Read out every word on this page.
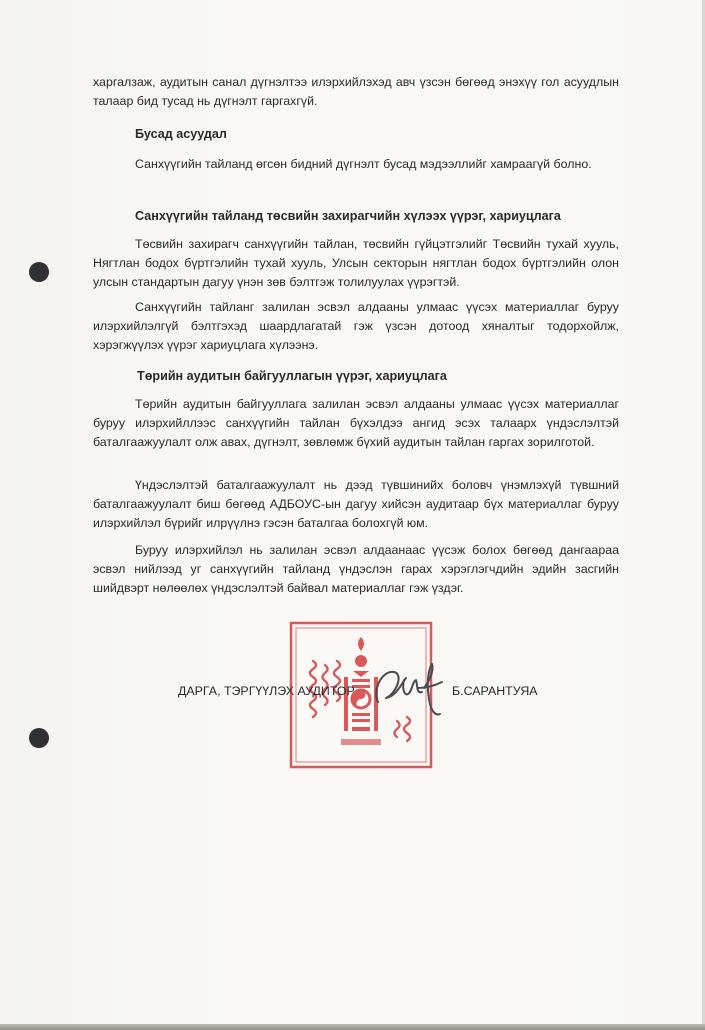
харгалзаж, аудитын санал дүгнэлтээ илэрхийлэхэд авч үзсэн бөгөөд энэхүү гол асуудлын талаар бид тусад нь дүгнэлт гаргахгүй.
Бусад асуудал
Санхүүгийн тайланд өгсөн бидний дүгнэлт бусад мэдээллийг хамраагүй болно.
Санхүүгийн тайланд төсвийн захирагчийн хүлээх үүрэг, хариуцлага
Төсвийн захирагч санхүүгийн тайлан, төсвийн гүйцэтгэлийг Төсвийн тухай хууль, Нягтлан бодох бүртгэлийн тухай хууль, Улсын секторын нягтлан бодох бүртгэлийн олон улсын стандартын дагуу үнэн зөв бэлтгэж толилуулах үүрэгтэй.
Санхүүгийн тайланг залилан эсвэл алдааны улмаас үүсэх материаллаг буруу илэрхийлэлгүй бэлтгэхэд шаардлагатай гэж үзсэн дотоод хяналтыг тодорхойлж, хэрэгжүүлэх үүрэг хариуцлага хүлээнэ.
Төрийн аудитын байгууллагын үүрэг, хариуцлага
Төрийн аудитын байгууллага залилан эсвэл алдааны улмаас үүсэх материаллаг буруу илэрхийллээс санхүүгийн тайлан бүхэлдээ ангид эсэх талаарх үндэслэлтэй баталгаажуулалт олж авах, дүгнэлт, зөвлөмж бүхий аудитын тайлан гаргах зорилготой.
Үндэслэлтэй баталгаажуулалт нь дээд түвшинийх боловч үнэмлэхүй түвшний баталгаажуулалт биш бөгөөд АДБОУС-ын дагуу хийсэн аудитаар бүх материаллаг буруу илэрхийлэл бүрийг илрүүлнэ гэсэн баталгаа болохгүй юм.
Буруу илэрхийлэл нь залилан эсвэл алдаанаас үүсэж болох бөгөөд дангаараа эсвэл нийлээд уг санхүүгийн тайланд үндэслэн гарах хэрэглэгчдийн эдийн засгийн шийдвэрт нөлөөлөх үндэслэлтэй байвал материаллаг гэж үздэг.
ДАРГА, ТЭРГҮҮЛЭХ АУДИТОР	Б.САРАНТУЯА
